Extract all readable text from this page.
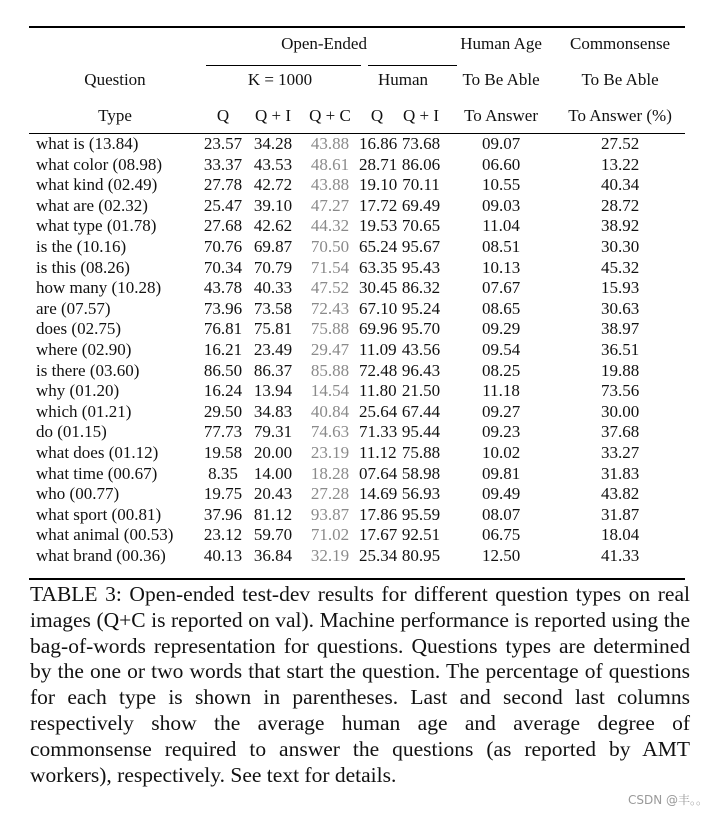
	Open-Ended					Human Age	Commonsense
Question	K = 1000			Human		To Be Able	To Be Able
Type	Q	Q + I	Q + C	Q	Q + I	To Answer	To Answer (%)
what is (13.84)	23.57	34.28	43.88	16.86	73.68	09.07	27.52
what color (08.98)	33.37	43.53	48.61	28.71	86.06	06.60	13.22
what kind (02.49)	27.78	42.72	43.88	19.10	70.11	10.55	40.34
what are (02.32)	25.47	39.10	47.27	17.72	69.49	09.03	28.72
what type (01.78)	27.68	42.62	44.32	19.53	70.65	11.04	38.92
is the (10.16)	70.76	69.87	70.50	65.24	95.67	08.51	30.30
is this (08.26)	70.34	70.79	71.54	63.35	95.43	10.13	45.32
how many (10.28)	43.78	40.33	47.52	30.45	86.32	07.67	15.93
are (07.57)	73.96	73.58	72.43	67.10	95.24	08.65	30.63
does (02.75)	76.81	75.81	75.88	69.96	95.70	09.29	38.97
where (02.90)	16.21	23.49	29.47	11.09	43.56	09.54	36.51
is there (03.60)	86.50	86.37	85.88	72.48	96.43	08.25	19.88
why (01.20)	16.24	13.94	14.54	11.80	21.50	11.18	73.56
which (01.21)	29.50	34.83	40.84	25.64	67.44	09.27	30.00
do (01.15)	77.73	79.31	74.63	71.33	95.44	09.23	37.68
what does (01.12)	19.58	20.00	23.19	11.12	75.88	10.02	33.27
what time (00.67)	8.35	14.00	18.28	07.64	58.98	09.81	31.83
who (00.77)	19.75	20.43	27.28	14.69	56.93	09.49	43.82
what sport (00.81)	37.96	81.12	93.87	17.86	95.59	08.07	31.87
what animal (00.53)	23.12	59.70	71.02	17.67	92.51	06.75	18.04
what brand (00.36)	40.13	36.84	32.19	25.34	80.95	12.50	41.33
TABLE 3: Open-ended test-dev results for different question types on real images (Q+C is reported on val). Machine performance is reported using the bag-of-words representation for questions. Questions types are determined by the one or two words that start the question. The percentage of questions for each type is shown in parentheses. Last and second last columns respectively show the average human age and average degree of commonsense required to answer the questions (as reported by AMT workers), respectively. See text for details.
CSDN @丰。。
